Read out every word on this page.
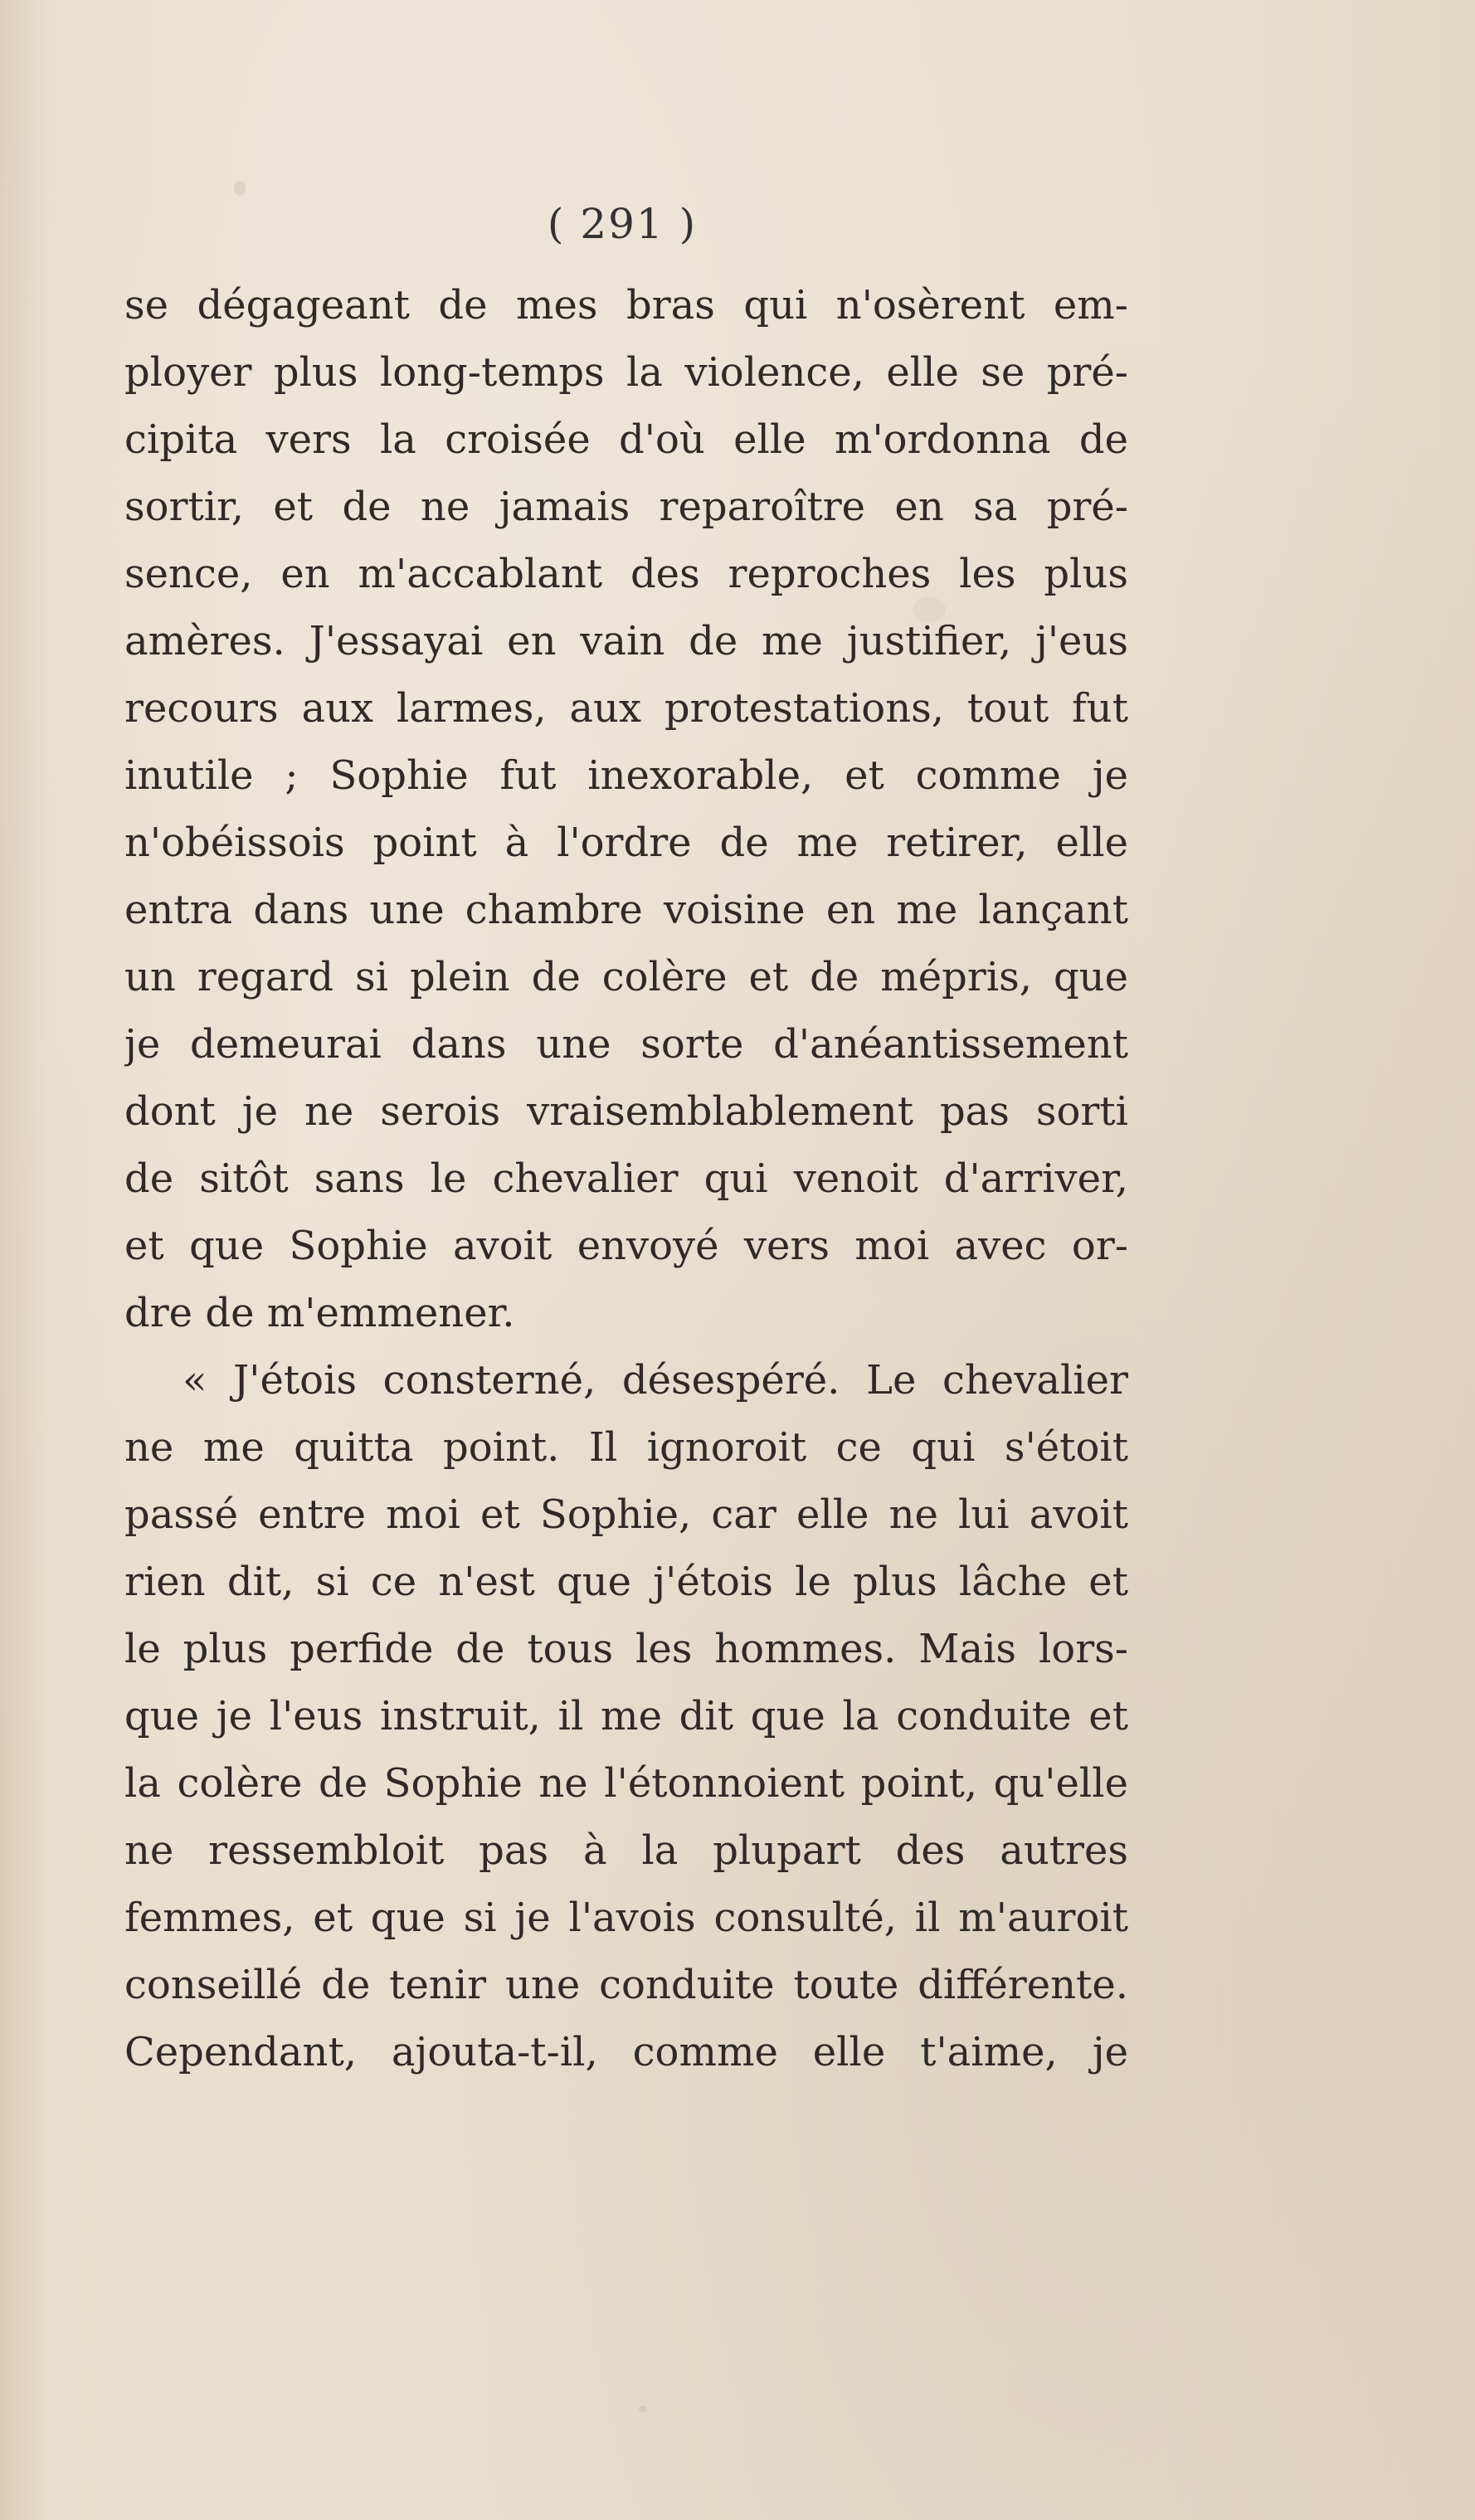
( 291 )
se dégageant de mes bras qui n'osèrent em-
ployer plus long-temps la violence, elle se pré-
cipita vers la croisée d'où elle m'ordonna de
sortir, et de ne jamais reparoître en sa pré-
sence, en m'accablant des reproches les plus
amères. J'essayai en vain de me justifier, j'eus
recours aux larmes, aux protestations, tout fut
inutile ; Sophie fut inexorable, et comme je
n'obéissois point à l'ordre de me retirer, elle
entra dans une chambre voisine en me lançant
un regard si plein de colère et de mépris, que
je demeurai dans une sorte d'anéantissement
dont je ne serois vraisemblablement pas sorti
de sitôt sans le chevalier qui venoit d'arriver,
et que Sophie avoit envoyé vers moi avec or-
dre de m'emmener.
« J'étois consterné, désespéré. Le chevalier
ne me quitta point. Il ignoroit ce qui s'étoit
passé entre moi et Sophie, car elle ne lui avoit
rien dit, si ce n'est que j'étois le plus lâche et
le plus perfide de tous les hommes. Mais lors-
que je l'eus instruit, il me dit que la conduite et
la colère de Sophie ne l'étonnoient point, qu'elle
ne ressembloit pas à la plupart des autres
femmes, et que si je l'avois consulté, il m'auroit
conseillé de tenir une conduite toute différente.
Cependant, ajouta-t-il, comme elle t'aime, je
